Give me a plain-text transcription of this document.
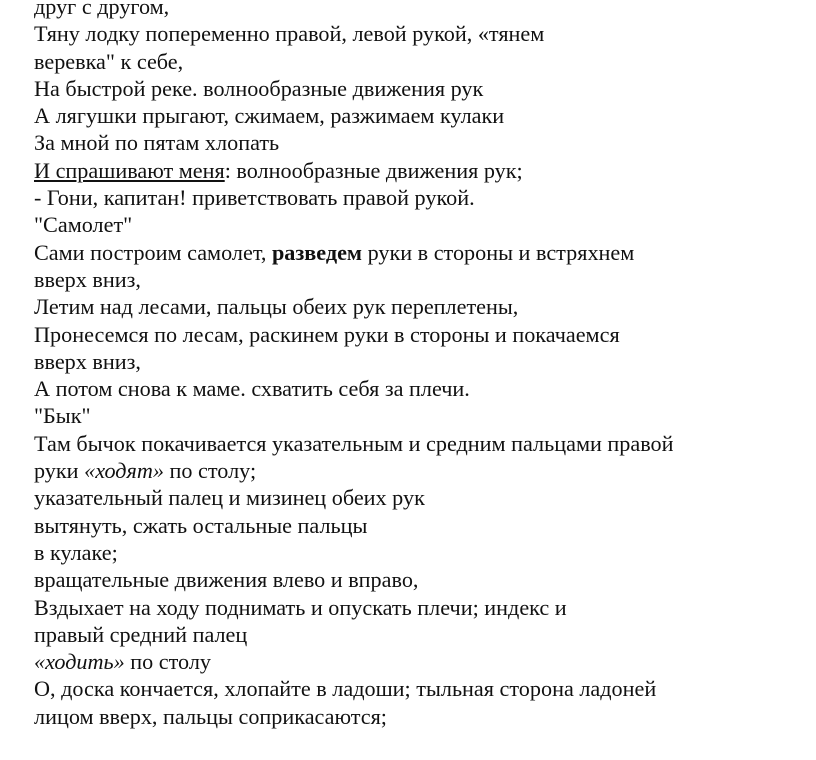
друг с другом,
Тяну лодку попеременно правой, левой рукой, «тянем
веревка" к себе,
На быстрой реке. волнообразные движения рук
А лягушки прыгают, сжимаем, разжимаем кулаки
За мной по пятам хлопать
И спрашивают меня: волнообразные движения рук;
- Гони, капитан! приветствовать правой рукой.
"Самолет"
Сами построим самолет, разведем руки в стороны и встряхнем
вверх вниз,
Летим над лесами, пальцы обеих рук переплетены,
Пронесемся по лесам, раскинем руки в стороны и покачаемся
вверх вниз,
А потом снова к маме. схватить себя за плечи.
"Бык"
Там бычок покачивается указательным и средним пальцами правой
руки «ходят» по столу;
указательный палец и мизинец обеих рук
вытянуть, сжать остальные пальцы
в кулаке;
вращательные движения влево и вправо,
Вздыхает на ходу поднимать и опускать плечи; индекс и
правый средний палец
«ходить» по столу
О, доска кончается, хлопайте в ладоши; тыльная сторона ладоней
лицом вверх, пальцы соприкасаются;
